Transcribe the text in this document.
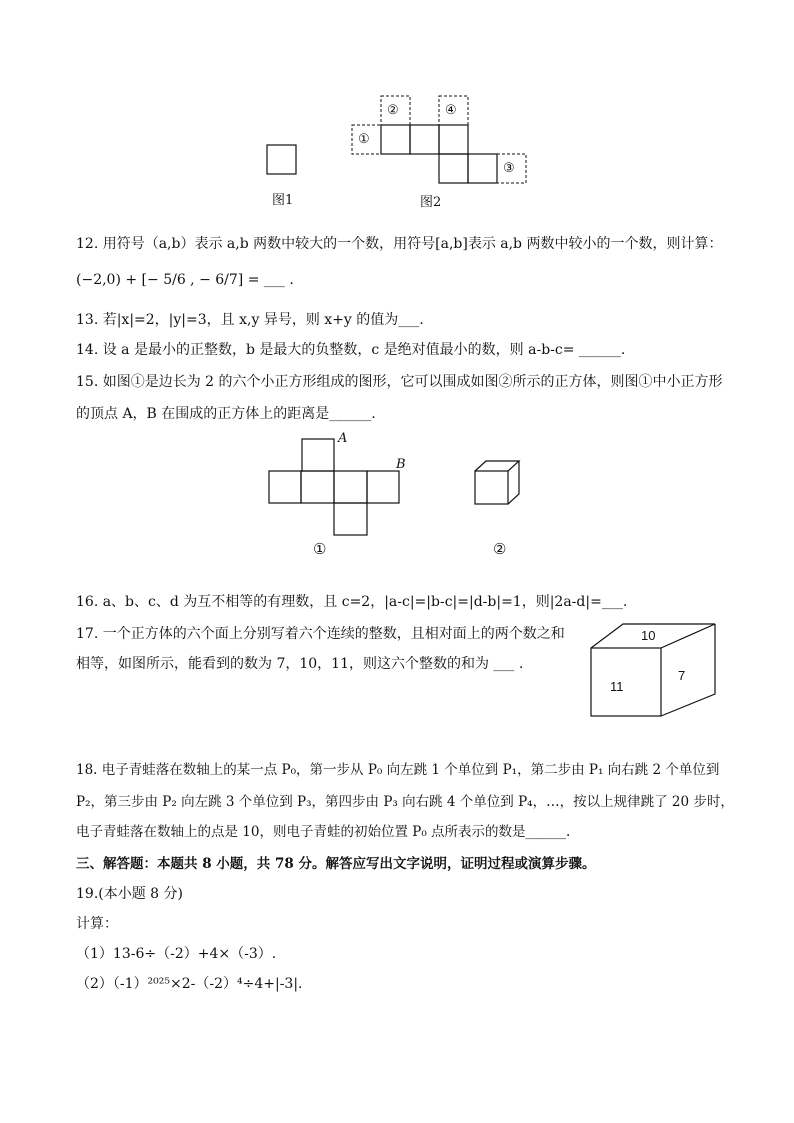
图1
①
②	④
③
图2
12. 用符号（a,b）表示 a,b 两数中较大的一个数，用符号[a,b]表示 a,b 两数中较小的一个数，则计算：
(−2,0) + [− 5/6 , − 6/7] = ___ .
13. 若|x|=2，|y|=3，且 x,y 异号，则 x+y 的值为___.
14. 设 a 是最小的正整数，b 是最大的负整数，c 是绝对值最小的数，则 a-b-c= ______.
15. 如图①是边长为 2 的六个小正方形组成的图形，它可以围成如图②所示的正方体，则图①中小正方形
的顶点 A，B 在围成的正方体上的距离是______.
A
B
①	②
16. a、b、c、d 为互不相等的有理数，且 c=2，|a-c|=|b-c|=|d-b|=1，则|2a-d|=___.
17. 一个正方体的六个面上分别写着六个连续的整数，且相对面上的两个数之和
相等，如图所示，能看到的数为 7，10，11，则这六个整数的和为 ___ .
10
11
7
18. 电子青蛙落在数轴上的某一点 P₀，第一步从 P₀ 向左跳 1 个单位到 P₁，第二步由 P₁ 向右跳 2 个单位到
P₂，第三步由 P₂ 向左跳 3 个单位到 P₃，第四步由 P₃ 向右跳 4 个单位到 P₄，…，按以上规律跳了 20 步时，
电子青蛙落在数轴上的点是 10，则电子青蛙的初始位置 P₀ 点所表示的数是______.
三、解答题：本题共 8 小题，共 78 分。解答应写出文字说明，证明过程或演算步骤。
19.(本小题 8 分)
计算：
（1）13-6÷（-2）+4×（-3）.
（2）（-1）²⁰²⁵×2-（-2）⁴÷4+|-3|.
